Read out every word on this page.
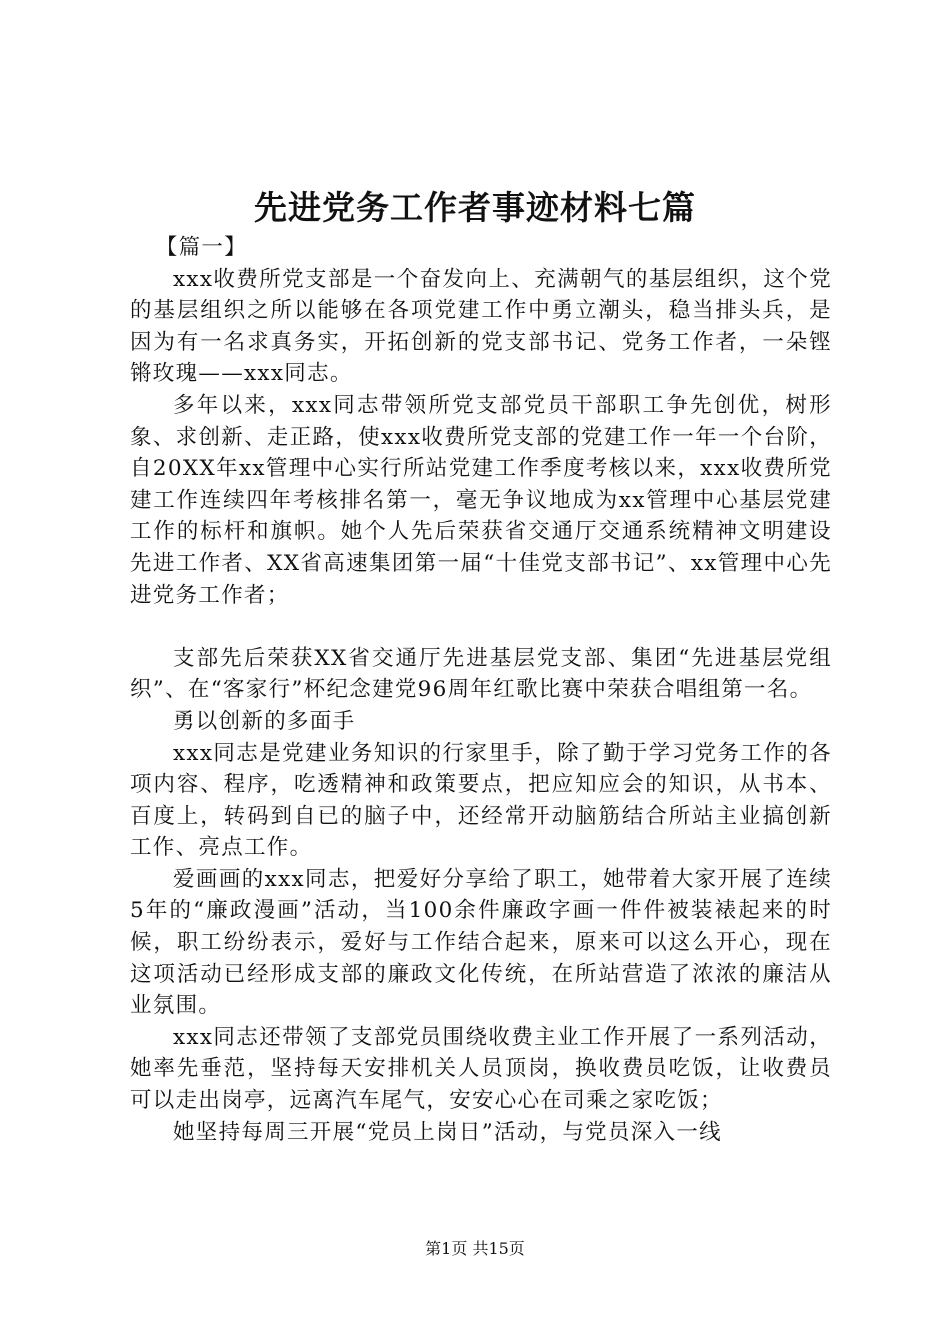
先进党务工作者事迹材料七篇

【篇一】

xxx收费所党支部是一个奋发向上、充满朝气的基层组织，这个党的基层组织之所以能够在各项党建工作中勇立潮头，稳当排头兵，是因为有一名求真务实，开拓创新的党支部书记、党务工作者，一朵铿锵玫瑰——xxx同志。

多年以来，xxx同志带领所党支部党员干部职工争先创优，树形象、求创新、走正路，使xxx收费所党支部的党建工作一年一个台阶，自20XX年xx管理中心实行所站党建工作季度考核以来，xxx收费所党建工作连续四年考核排名第一，毫无争议地成为xx管理中心基层党建工作的标杆和旗帜。她个人先后荣获省交通厅交通系统精神文明建设先进工作者、XX省高速集团第一届“十佳党支部书记”、xx管理中心先进党务工作者；

支部先后荣获XX省交通厅先进基层党支部、集团“先进基层党组织”、在“客家行”杯纪念建党96周年红歌比赛中荣获合唱组第一名。

勇以创新的多面手

xxx同志是党建业务知识的行家里手，除了勤于学习党务工作的各项内容、程序，吃透精神和政策要点，把应知应会的知识，从书本、百度上，转码到自已的脑子中，还经常开动脑筋结合所站主业搞创新工作、亮点工作。

爱画画的xxx同志，把爱好分享给了职工，她带着大家开展了连续5年的“廉政漫画”活动，当100余件廉政字画一件件被装裱起来的时候，职工纷纷表示，爱好与工作结合起来，原来可以这么开心，现在这项活动已经形成支部的廉政文化传统，在所站营造了浓浓的廉洁从业氛围。

xxx同志还带领了支部党员围绕收费主业工作开展了一系列活动，她率先垂范，坚持每天安排机关人员顶岗，换收费员吃饭，让收费员可以走出岗亭，远离汽车尾气，安安心心在司乘之家吃饭；

她坚持每周三开展“党员上岗日”活动，与党员深入一线

第1页 共15页
